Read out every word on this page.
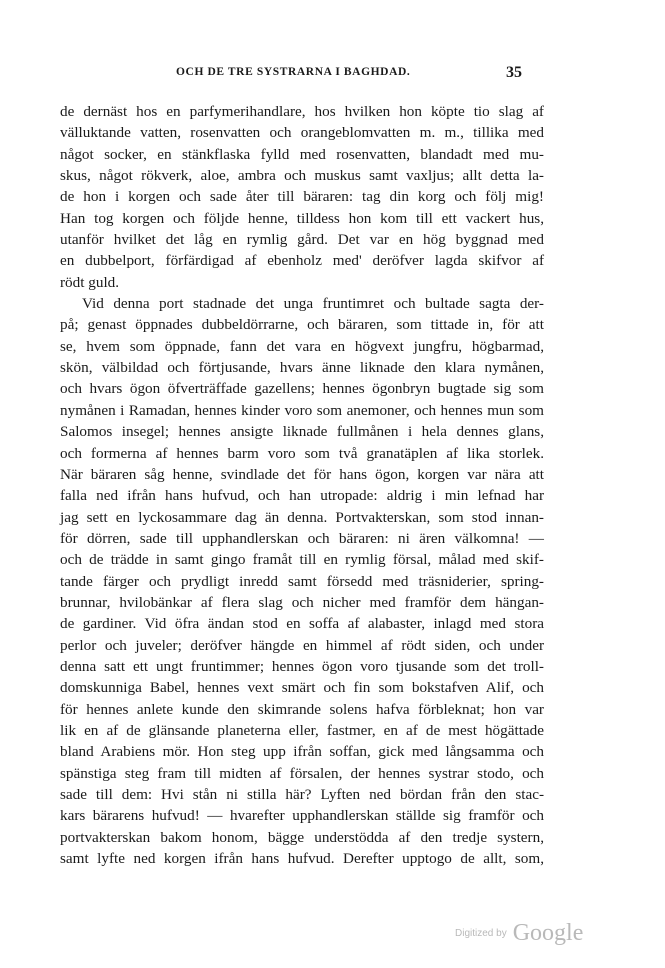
OCH DE TRE SYSTRARNA I BAGHDAD.	35
de dernäst hos en parfymerihandlare, hos hvilken hon köpte tio slag af
välluktande vatten, rosenvatten och orangeblomvatten m. m., tillika med
något socker, en stänkflaska fylld med rosenvatten, blandadt med mu-
skus, något rökverk, aloe, ambra och muskus samt vaxljus; allt detta la-
de hon i korgen och sade åter till bäraren: tag din korg och följ mig!
Han tog korgen och följde henne, tilldess hon kom till ett vackert hus,
utanför hvilket det låg en rymlig gård. Det var en hög byggnad med
en dubbelport, förfärdigad af ebenholz med' deröfver lagda skifvor af
rödt guld.
Vid denna port stadnade det unga fruntimret och bultade sagta der-
på; genast öppnades dubbeldörrarne, och bäraren, som tittade in, för att
se, hvem som öppnade, fann det vara en högvext jungfru, högbarmad,
skön, välbildad och förtjusande, hvars änne liknade den klara nymånen,
och hvars ögon öfverträffade gazellens; hennes ögonbryn bugtade sig som
nymånen i Ramadan, hennes kinder voro som anemoner, och hennes mun som
Salomos insegel; hennes ansigte liknade fullmånen i hela dennes glans,
och formerna af hennes barm voro som två granatäplen af lika storlek.
När bäraren såg henne, svindlade det för hans ögon, korgen var nära att
falla ned ifrån hans hufvud, och han utropade: aldrig i min lefnad har
jag sett en lyckosammare dag än denna. Portvakterskan, som stod innan-
för dörren, sade till upphandlerskan och bäraren: ni ären välkomna! —
och de trädde in samt gingo framåt till en rymlig försal, målad med skif-
tande färger och prydligt inredd samt försedd med träsniderier, spring-
brunnar, hvilobänkar af flera slag och nicher med framför dem hängan-
de gardiner. Vid öfra ändan stod en soffa af alabaster, inlagd med stora
perlor och juveler; deröfver hängde en himmel af rödt siden, och under
denna satt ett ungt fruntimmer; hennes ögon voro tjusande som det troll-
domskunniga Babel, hennes vext smärt och fin som bokstafven Alif, och
för hennes anlete kunde den skimrande solens hafva förbleknat; hon var
lik en af de glänsande planeterna eller, fastmer, en af de mest högättade
bland Arabiens mör. Hon steg upp ifrån soffan, gick med långsamma och
spänstiga steg fram till midten af försalen, der hennes systrar stodo, och
sade till dem: Hvi stån ni stilla här? Lyften ned bördan från den stac-
kars bärarens hufvud! — hvarefter upphandlerskan ställde sig framför och
portvakterskan bakom honom, bägge understödda af den tredje systern,
samt lyfte ned korgen ifrån hans hufvud. Derefter upptogo de allt, som,
Digitized by Google
